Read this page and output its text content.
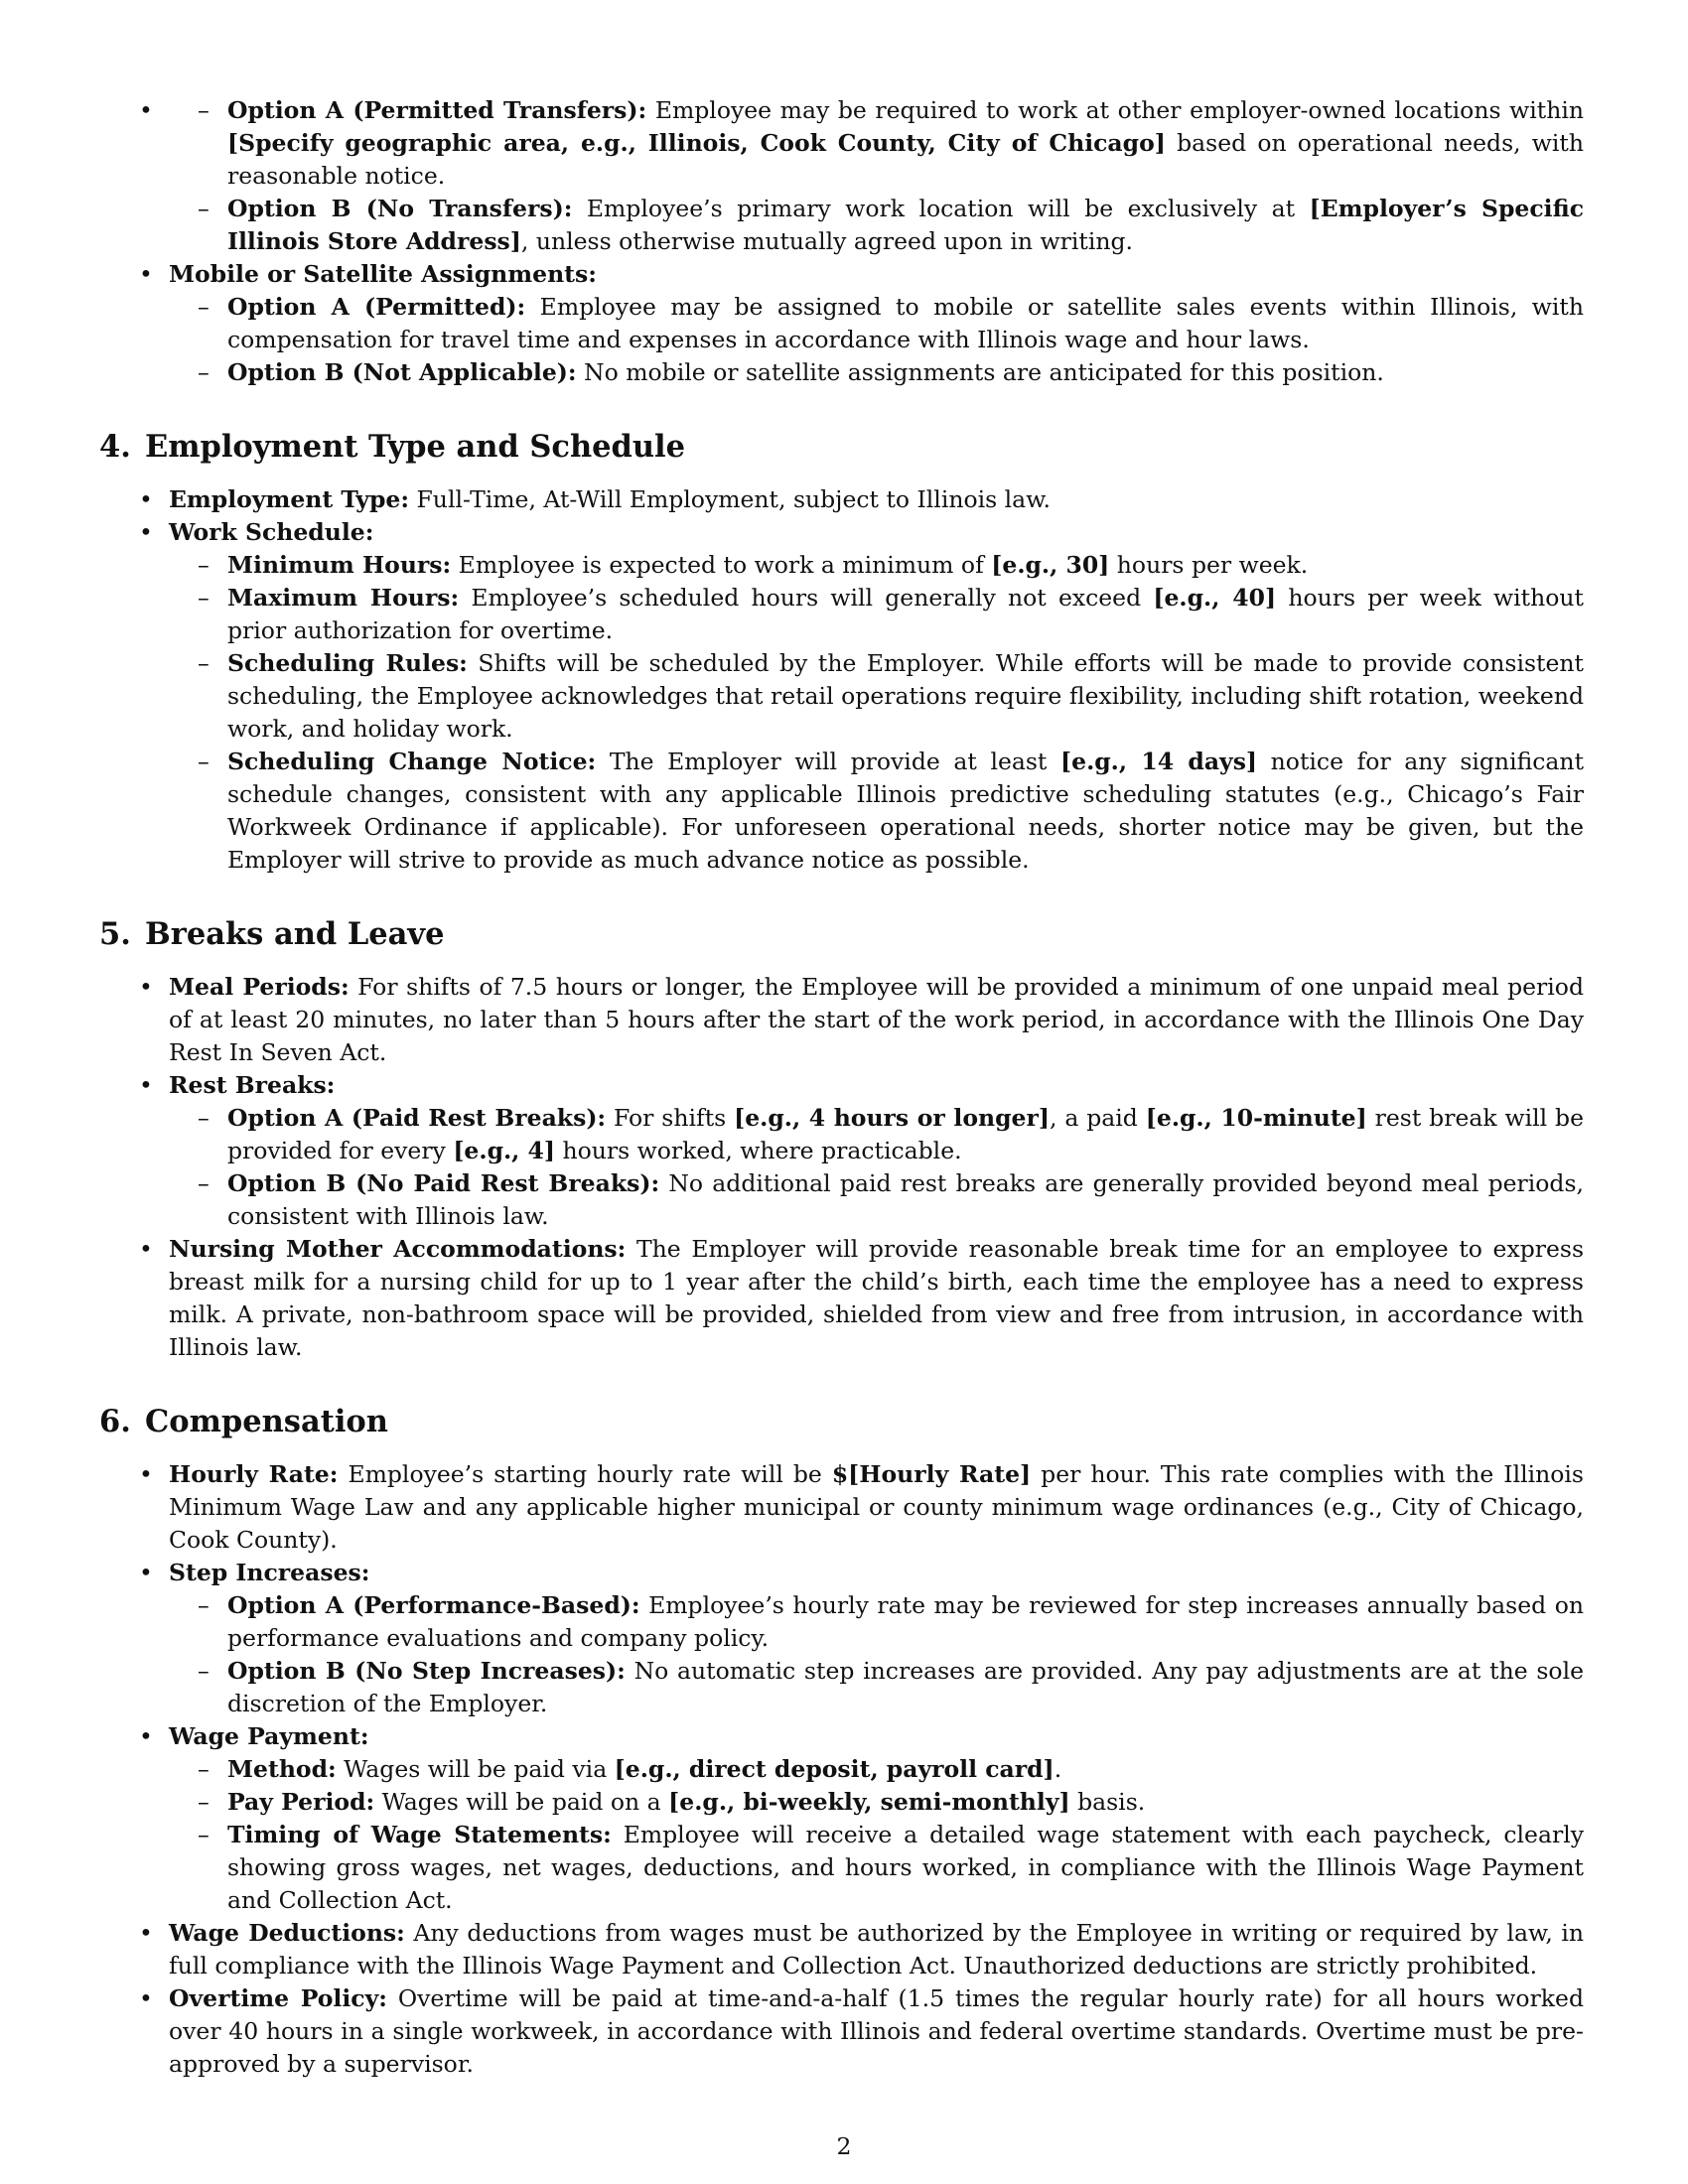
– • Option A (Permitted Transfers): Employee may be required to work at other employer-owned locations within [Specify geographic area, e.g., Illinois, Cook County, City of Chicago] based on operational needs, with reasonable notice.
– Option B (No Transfers): Employee’s primary work location will be exclusively at [Employer’s Specific Illinois Store Address], unless otherwise mutually agreed upon in writing.
• Mobile or Satellite Assignments:
– Option A (Permitted): Employee may be assigned to mobile or satellite sales events within Illinois, with compensation for travel time and expenses in accordance with Illinois wage and hour laws.
– Option B (Not Applicable): No mobile or satellite assignments are anticipated for this position.
4. Employment Type and Schedule
• Employment Type: Full-Time, At-Will Employment, subject to Illinois law.
• Work Schedule:
– Minimum Hours: Employee is expected to work a minimum of [e.g., 30] hours per week.
– Maximum Hours: Employee’s scheduled hours will generally not exceed [e.g., 40] hours per week without prior authorization for overtime.
– Scheduling Rules: Shifts will be scheduled by the Employer. While efforts will be made to provide consistent scheduling, the Employee acknowledges that retail operations require flexibility, including shift rotation, weekend work, and holiday work.
– Scheduling Change Notice: The Employer will provide at least [e.g., 14 days] notice for any significant schedule changes, consistent with any applicable Illinois predictive scheduling statutes (e.g., Chicago’s Fair Workweek Ordinance if applicable). For unforeseen operational needs, shorter notice may be given, but the Employer will strive to provide as much advance notice as possible.
5. Breaks and Leave
• Meal Periods: For shifts of 7.5 hours or longer, the Employee will be provided a minimum of one unpaid meal period of at least 20 minutes, no later than 5 hours after the start of the work period, in accordance with the Illinois One Day Rest In Seven Act.
• Rest Breaks:
– Option A (Paid Rest Breaks): For shifts [e.g., 4 hours or longer], a paid [e.g., 10-minute] rest break will be provided for every [e.g., 4] hours worked, where practicable.
– Option B (No Paid Rest Breaks): No additional paid rest breaks are generally provided beyond meal periods, consistent with Illinois law.
• Nursing Mother Accommodations: The Employer will provide reasonable break time for an employee to express breast milk for a nursing child for up to 1 year after the child’s birth, each time the employee has a need to express milk. A private, non-bathroom space will be provided, shielded from view and free from intrusion, in accordance with Illinois law.
6. Compensation
• Hourly Rate: Employee’s starting hourly rate will be $[Hourly Rate] per hour. This rate complies with the Illinois Minimum Wage Law and any applicable higher municipal or county minimum wage ordinances (e.g., City of Chicago, Cook County).
• Step Increases:
– Option A (Performance-Based): Employee’s hourly rate may be reviewed for step increases annually based on performance evaluations and company policy.
– Option B (No Step Increases): No automatic step increases are provided. Any pay adjustments are at the sole discretion of the Employer.
• Wage Payment:
– Method: Wages will be paid via [e.g., direct deposit, payroll card].
– Pay Period: Wages will be paid on a [e.g., bi-weekly, semi-monthly] basis.
– Timing of Wage Statements: Employee will receive a detailed wage statement with each paycheck, clearly showing gross wages, net wages, deductions, and hours worked, in compliance with the Illinois Wage Payment and Collection Act.
• Wage Deductions: Any deductions from wages must be authorized by the Employee in writing or required by law, in full compliance with the Illinois Wage Payment and Collection Act. Unauthorized deductions are strictly prohibited.
• Overtime Policy: Overtime will be paid at time-and-a-half (1.5 times the regular hourly rate) for all hours worked over 40 hours in a single workweek, in accordance with Illinois and federal overtime standards. Overtime must be pre-approved by a supervisor.
2
